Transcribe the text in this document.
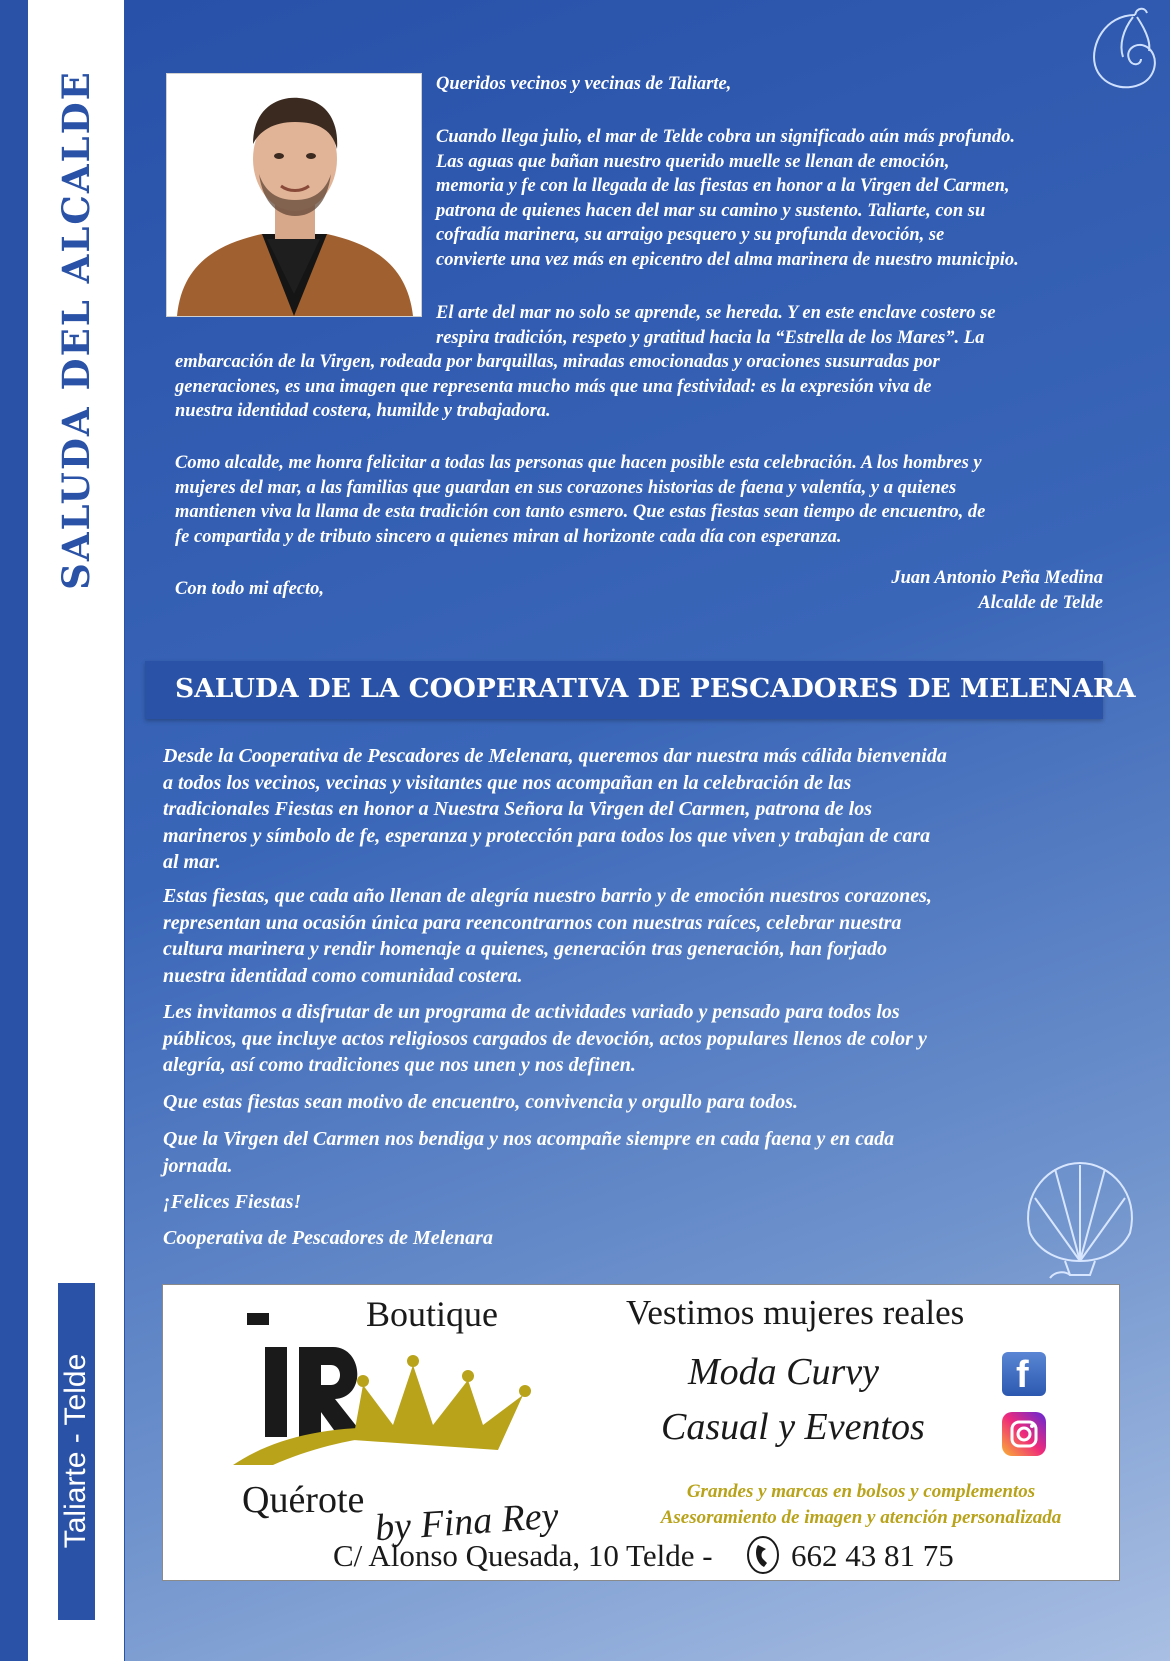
SALUDA DEL ALCALDE
Taliarte - Telde

Queridos vecinos y vecinas de Taliarte,

Cuando llega julio, el mar de Telde cobra un significado aún más profundo.
Las aguas que bañan nuestro querido muelle se llenan de emoción,
memoria y fe con la llegada de las fiestas en honor a la Virgen del Carmen,
patrona de quienes hacen del mar su camino y sustento. Taliarte, con su
cofradía marinera, su arraigo pesquero y su profunda devoción, se
convierte una vez más en epicentro del alma marinera de nuestro municipio.
El arte del mar no solo se aprende, se hereda. Y en este enclave costero se
respira tradición, respeto y gratitud hacia la “Estrella de los Mares”. La
embarcación de la Virgen, rodeada por barquillas, miradas emocionadas y oraciones susurradas por
generaciones, es una imagen que representa mucho más que una festividad: es la expresión viva de
nuestra identidad costera, humilde y trabajadora.
Como alcalde, me honra felicitar a todas las personas que hacen posible esta celebración. A los hombres y
mujeres del mar, a las familias que guardan en sus corazones historias de faena y valentía, y a quienes
mantienen viva la llama de esta tradición con tanto esmero. Que estas fiestas sean tiempo de encuentro, de
fe compartida y de tributo sincero a quienes miran al horizonte cada día con esperanza.

Con todo mi afecto,

Juan Antonio Peña Medina
Alcalde de Telde
SALUDA DE LA COOPERATIVA DE PESCADORES DE MELENARA
Desde la Cooperativa de Pescadores de Melenara, queremos dar nuestra más cálida bienvenida
a todos los vecinos, vecinas y visitantes que nos acompañan en la celebración de las
tradicionales Fiestas en honor a Nuestra Señora la Virgen del Carmen, patrona de los
marineros y símbolo de fe, esperanza y protección para todos los que viven y trabajan de cara
al mar.
Estas fiestas, que cada año llenan de alegría nuestro barrio y de emoción nuestros corazones,
representan una ocasión única para reencontrarnos con nuestras raíces, celebrar nuestra
cultura marinera y rendir homenaje a quienes, generación tras generación, han forjado
nuestra identidad como comunidad costera.
Les invitamos a disfrutar de un programa de actividades variado y pensado para todos los
públicos, que incluye actos religiosos cargados de devoción, actos populares llenos de color y
alegría, así como tradiciones que nos unen y nos definen.
Que estas fiestas sean motivo de encuentro, convivencia y orgullo para todos.
Que la Virgen del Carmen nos bendiga y nos acompañe siempre en cada faena y en cada
jornada.
¡Felices Fiestas!
Cooperativa de Pescadores de Melenara
Boutique
Quérote by Fina Rey
Vestimos mujeres reales
Moda Curvy
Casual y Eventos
f
Grandes y marcas en bolsos y complementos
Asesoramiento de imagen y atención personalizada
C/ Alonso Quesada, 10 Telde -	662 43 81 75
